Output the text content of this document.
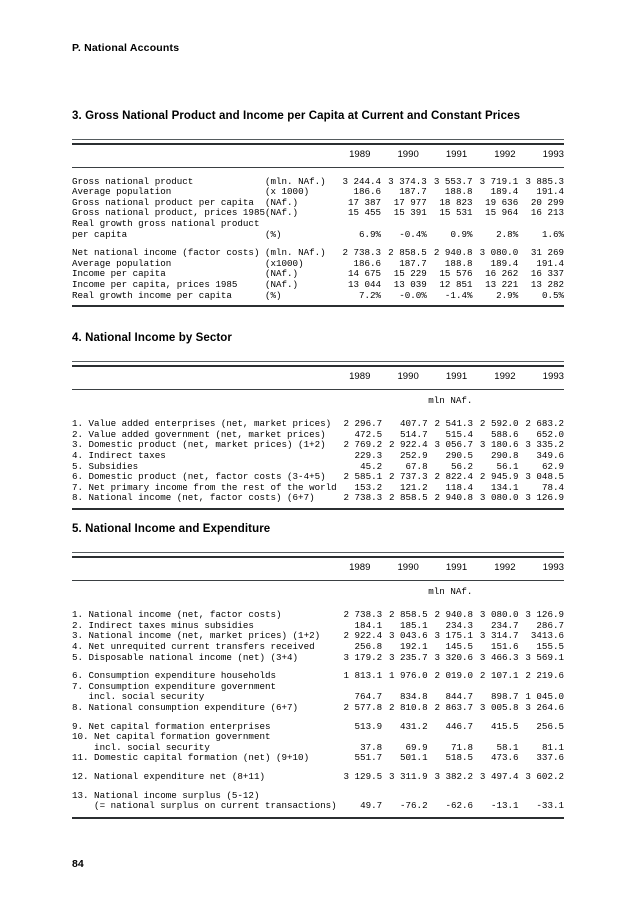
P. National Accounts
3. Gross National Product and Income per Capita at Current and Constant Prices
		1989	1990	1991	1992	1993
Gross national product	(mln. NAf.)	3 244.4	3 374.3	3 553.7	3 719.1	3 885.3
Average population	(x 1000)	186.6	187.7	188.8	189.4	191.4
Gross national product per capita	(NAf.)	17 387	17 977	18 823	19 636	20 299
Gross national product, prices 1985	(NAf.)	15 455	15 391	15 531	15 964	16 213
Real growth gross national product						
per capita	(%)	6.9%	-0.4%	0.9%	2.8%	1.6%

Net national income (factor costs)	(mln. NAf.)	2 738.3	2 858.5	2 940.8	3 080.0	31 269
Average population	(x1000)	186.6	187.7	188.8	189.4	191.4
Income per capita	(NAf.)	14 675	15 229	15 576	16 262	16 337
Income per capita, prices 1985	(NAf.)	13 044	13 039	12 851	13 221	13 282
Real growth income per capita	(%)	7.2%	-0.0%	-1.4%	2.9%	0.5%
4. National Income by Sector
	1989	1990	1991	1992	1993
	mln NAf.				
1. Value added enterprises (net, market prices)	2 296.7	407.7	2 541.3	2 592.0	2 683.2
2. Value added government (net, market prices)	472.5	514.7	515.4	588.6	652.0
3. Domestic product (net, market prices) (1+2)	2 769.2	2 922.4	3 056.7	3 180.6	3 335.2
4. Indirect taxes	229.3	252.9	290.5	290.8	349.6
5. Subsidies	45.2	67.8	56.2	56.1	62.9
6. Domestic product (net, factor costs (3-4+5)	2 585.1	2 737.3	2 822.4	2 945.9	3 048.5
7. Net primary income from the rest of the world	153.2	121.2	118.4	134.1	78.4
8. National income (net, factor costs) (6+7)	2 738.3	2 858.5	2 940.8	3 080.0	3 126.9
5. National Income and Expenditure
	1989	1990	1991	1992	1993
	mln NAf.				
1. National income (net, factor costs)	2 738.3	2 858.5	2 940.8	3 080.0	3 126.9
2. Indirect taxes minus subsidies	184.1	185.1	234.3	234.7	286.7
3. National income (net, market prices) (1+2)	2 922.4	3 043.6	3 175.1	3 314.7	3413.6
4. Net unrequited current transfers received	256.8	192.1	145.5	151.6	155.5
5. Disposable national income (net) (3+4)	3 179.2	3 235.7	3 320.6	3 466.3	3 569.1

6. Consumption expenditure households	1 813.1	1 976.0	2 019.0	2 107.1	2 219.6
7. Consumption expenditure government					
incl. social security	764.7	834.8	844.7	898.7	1 045.0
8. National consumption expenditure (6+7)	2 577.8	2 810.8	2 863.7	3 005.8	3 264.6

9. Net capital formation enterprises	513.9	431.2	446.7	415.5	256.5
10. Net capital formation government					
incl. social security	37.8	69.9	71.8	58.1	81.1
11. Domestic capital formation (net) (9+10)	551.7	501.1	518.5	473.6	337.6

12. National expenditure net (8+11)	3 129.5	3 311.9	3 382.2	3 497.4	3 602.2

13. National income surplus (5-12)					
(= national surplus on current transactions)	49.7	-76.2	-62.6	-13.1	-33.1
84
